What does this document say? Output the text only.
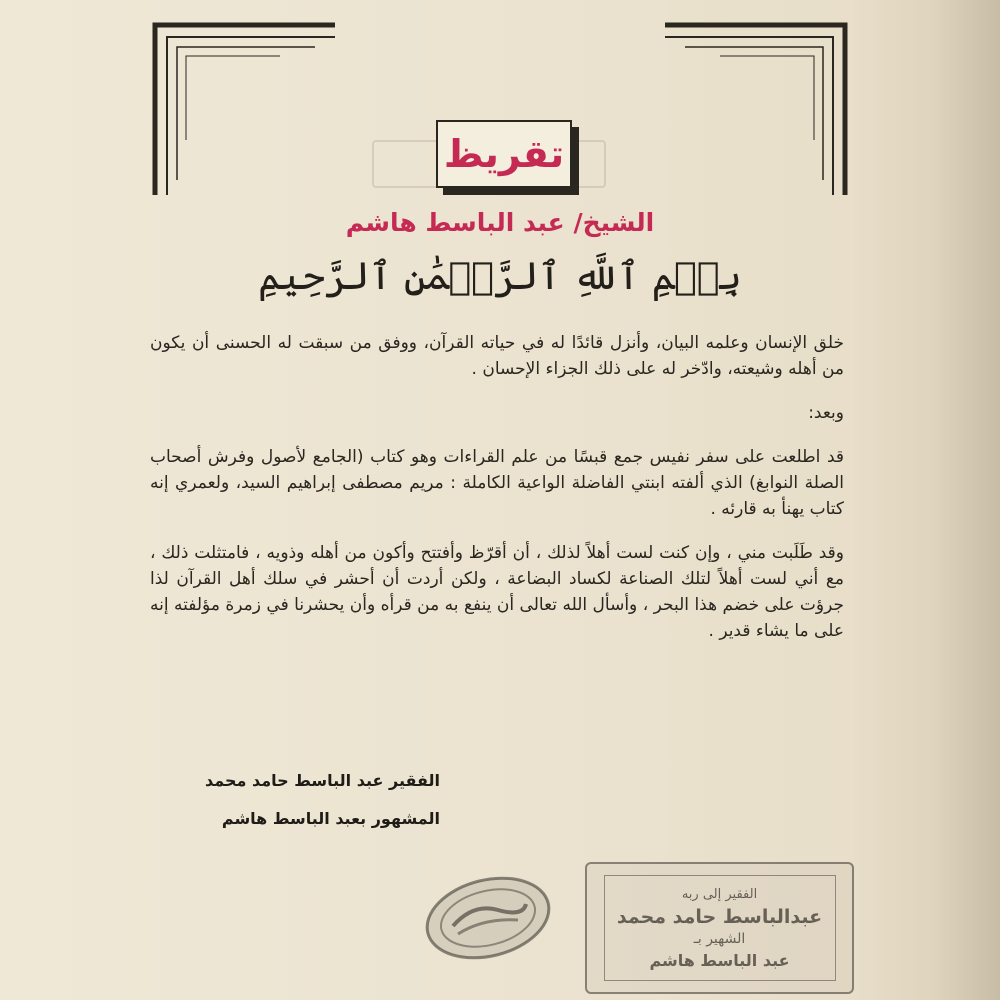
تقريظ
الشيخ/ عبد الباسط هاشم
بِسۡمِ ٱللَّهِ ٱلرَّحۡمَٰنِ ٱلرَّحِيمِ

خلق الإنسان وعلمه البيان، وأنزل قائدًا له في حياته القرآن، ووفق من سبقت له الحسنى أن يكون من أهله وشيعته، وادّخر له على ذلك الجزاء الإحسان .

وبعد:

قد اطلعت على سفر نفيس جمع قبسًا من علم القراءات وهو كتاب (الجامع لأصول وفرش أصحاب الصلة النوابغ) الذي ألفته ابنتي الفاضلة الواعية الكاملة : مريم مصطفى إبراهيم السيد، ولعمري إنه كتاب يهنأ به قارئه .

وقد طَلَبت مني ، وإن كنت لست أهلاً لذلك ، أن أقرّظ وأفتتح وأكون من أهله وذويه ، فامتثلت ذلك ، مع أني لست أهلاً لتلك الصناعة لكساد البضاعة ، ولكن أردت أن أحشر في سلك أهل القرآن لذا جرؤت على خضم هذا البحر ، وأسأل الله تعالى أن ينفع به من قرأه وأن يحشرنا في زمرة مؤلفته إنه على ما يشاء قدير .

الفقير عبد الباسط حامد محمد
المشهور بعبد الباسط هاشم
الفقير إلى ربه
عبدالباسط حامد محمد
الشهير بـ
عبد الباسط هاشم
